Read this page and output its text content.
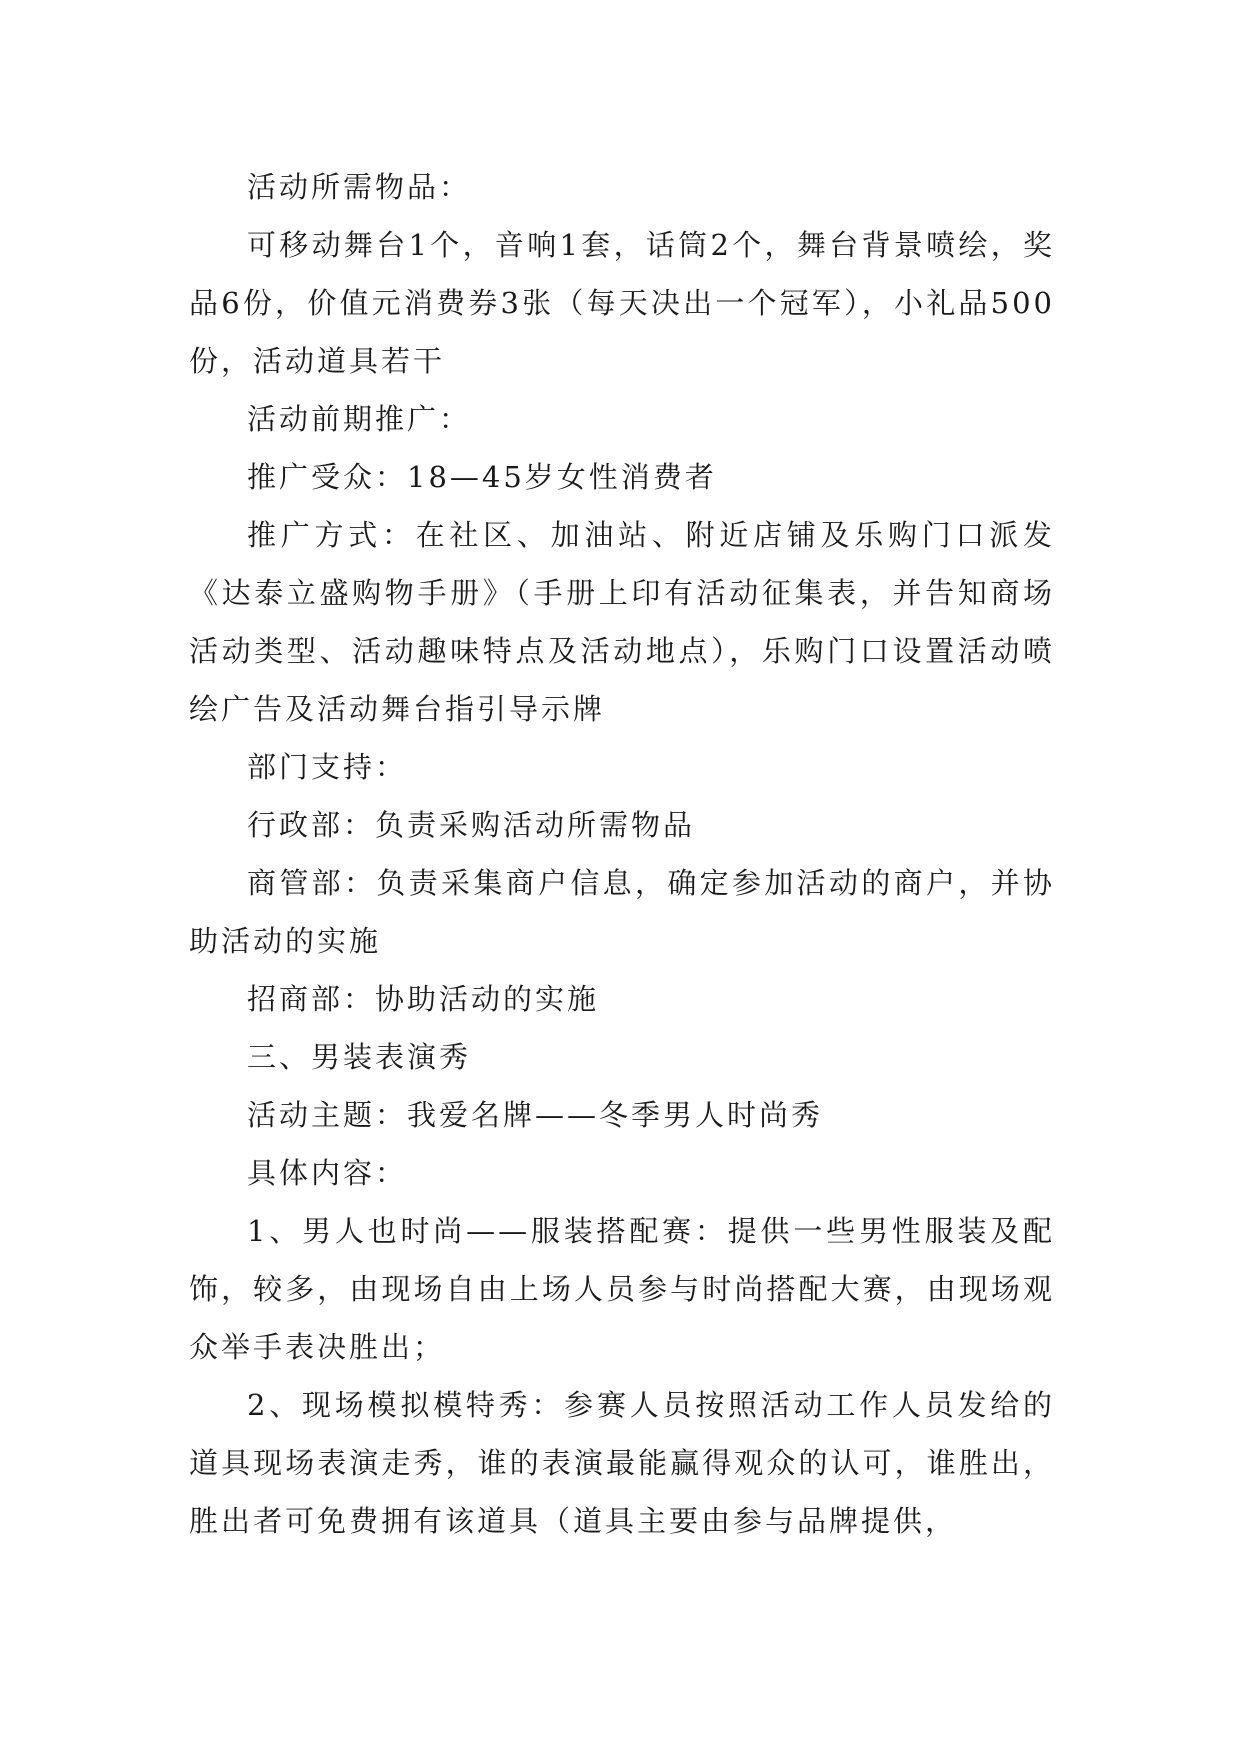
活动所需物品：

可移动舞台1个，音响1套，话筒2个，舞台背景喷绘，奖品6份，价值元消费券3张（每天决出一个冠军），小礼品500份，活动道具若干

活动前期推广：

推广受众：18—45岁女性消费者

推广方式：在社区、加油站、附近店铺及乐购门口派发《达泰立盛购物手册》（手册上印有活动征集表，并告知商场活动类型、活动趣味特点及活动地点），乐购门口设置活动喷绘广告及活动舞台指引导示牌

部门支持：

行政部：负责采购活动所需物品

商管部：负责采集商户信息，确定参加活动的商户，并协助活动的实施

招商部：协助活动的实施

三、男装表演秀

活动主题：我爱名牌——冬季男人时尚秀

具体内容：

1、男人也时尚——服装搭配赛：提供一些男性服装及配饰，较多，由现场自由上场人员参与时尚搭配大赛，由现场观众举手表决胜出；

2、现场模拟模特秀：参赛人员按照活动工作人员发给的道具现场表演走秀，谁的表演最能赢得观众的认可，谁胜出，胜出者可免费拥有该道具（道具主要由参与品牌提供，
